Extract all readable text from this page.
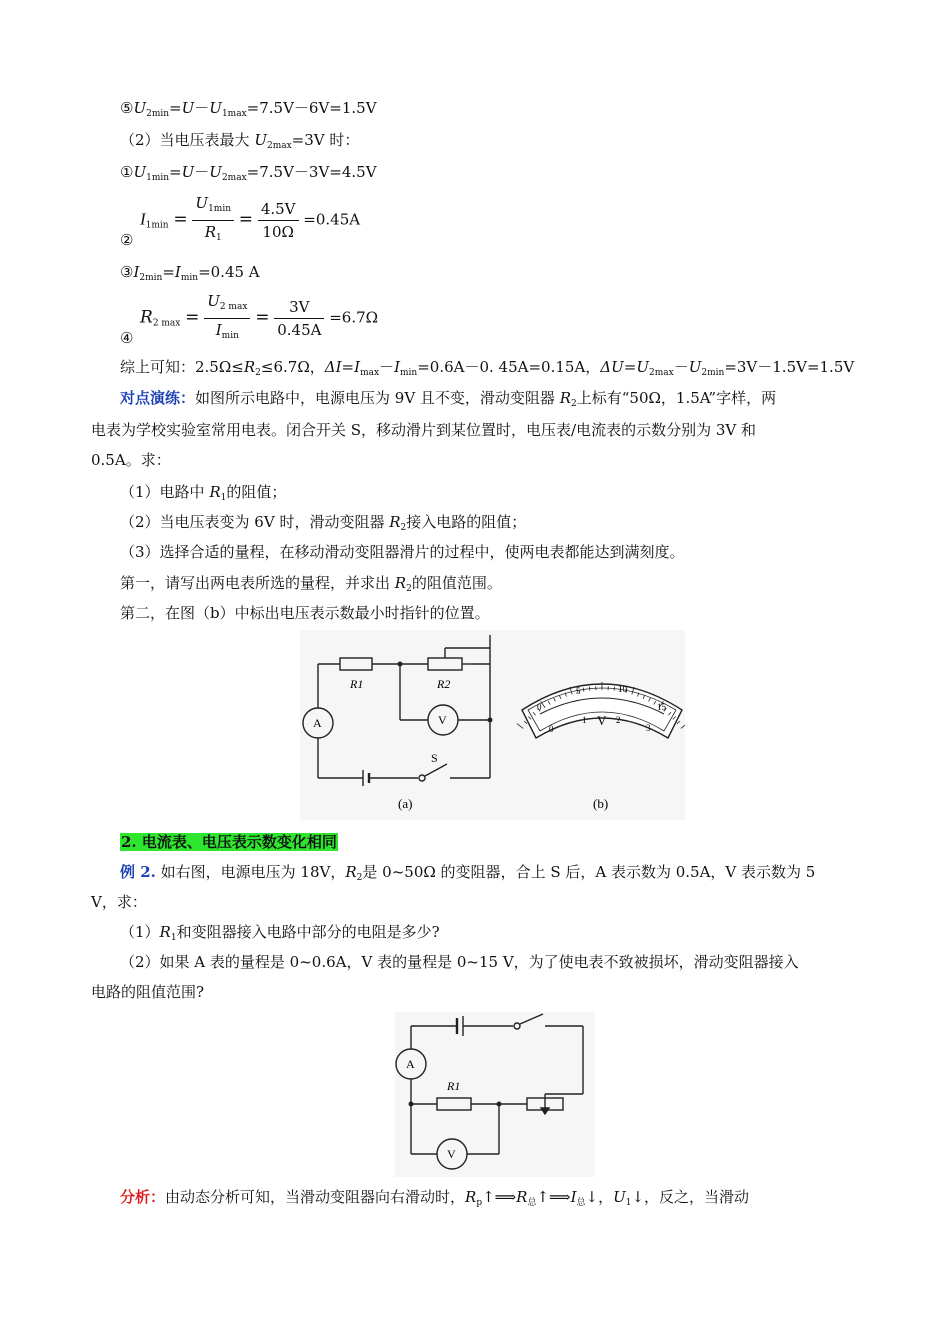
$⑤U_{2min}=U-U_{1max}=7.5V-6V=1.5V$
（2）当电压表最大 $U_{2max}=3V$ 时：
$①U_{1min}=U-U_{2max}=7.5V-3V=4.5V$
$I_{1min} = \frac{U_{1min}}{R_1} = \frac{4.5V}{10\Omega} =0.45A$
②
$③I_{2min}=I_{min}=0.45$ A
$R_{2 max} = \frac{U_{2 max}}{I_{min}} = \frac{3V}{0.45A} =6.7\Omega$
④
综上可知：$2.5\Omega\le R_2\le 6.7\Omega$，$\Delta I=I_{max}-I_{min}=0.6A-0$. 45A=0.15A，$\Delta U=U_{2max}-U_{2min}=3V-1.5V=1.5V$
对点演练：如图所示电路中，电源电压为 9V 且不变，滑动变阻器 $R_2$上标有“50Ω，1.5A”字样，两
电表为学校实验室常用电表。闭合开关 S，移动滑片到某位置时，电压表/电流表的示数分别为 3V 和
0.5A。求：
（1）电路中 $R_1$的阻值；
（2）当电压表变为 6V 时，滑动变阻器 $R_2$接入电路的阻值；
（3）选择合适的量程，在移动滑动变阻器滑片的过程中，使两电表都能达到满刻度。
第一，请写出两电表所选的量程，并求出 $R_2$的阻值范围。
第二，在图（b）中标出电压表示数最小时指针的位置。
R1	R2
A	V
S
(a)
0
5	10
15
0
1	2
3
V
(b)
2. 电流表、电压表示数变化相同
例 2. 如右图，电源电压为 18V，$R_2$是 0~50Ω 的变阻器，合上 S 后，A 表示数为 0.5A，V 表示数为 5
V，求：
$(1)R_1$和变阻器接入电路中部分的电阻是多少?
（2）如果 A 表的量程是 0~0.6A，V 表的量程是 0~15 V，为了使电表不致被损坏，滑动变阻器接入
电路的阻值范围?
A
V
R1
分析：由动态分析可知，当滑动变阻器向右滑动时，$R_p↑⟹R_总↑⟹I_总↓$，$U_1↓$，反之，当滑动
